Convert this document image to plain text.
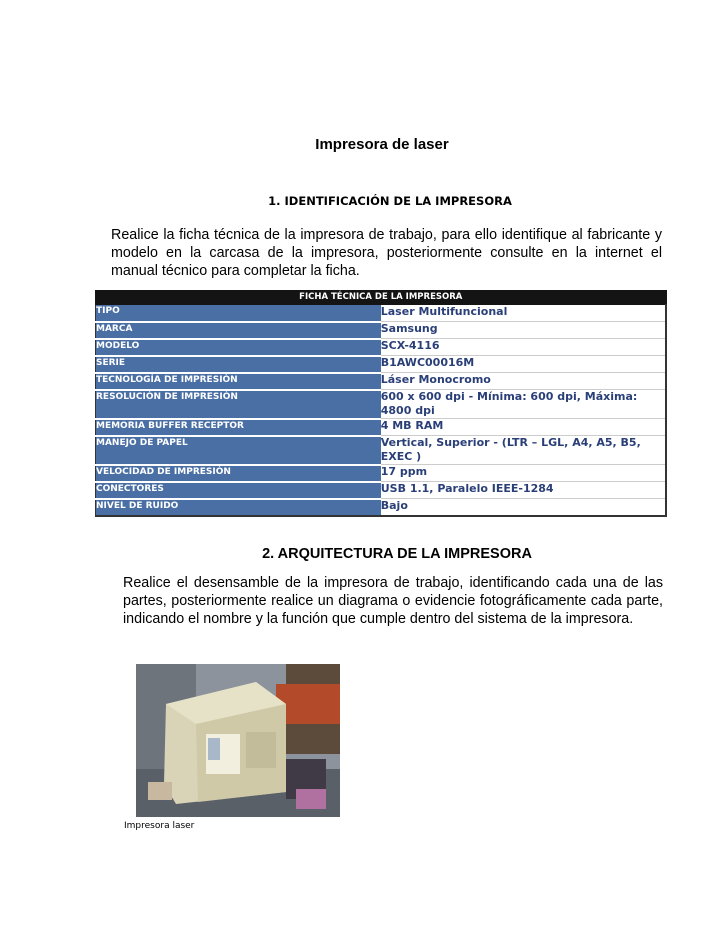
Impresora de laser
1. IDENTIFICACIÓN DE LA IMPRESORA
Realice la ficha técnica de la impresora de trabajo, para ello identifique al fabricante y modelo en la carcasa de la impresora, posteriormente consulte en la internet el manual técnico para completar la ficha.
FICHA TÉCNICA DE LA IMPRESORA	
TIPO	Laser Multifuncional
MARCA	Samsung
MODELO	SCX-4116
SERIE	B1AWC00016M
TECNOLOGÍA DE IMPRESIÓN	Láser Monocromo
RESOLUCIÓN DE IMPRESIÓN	600 x 600 dpi - Mínima: 600 dpi, Máxima: 4800 dpi
MEMORIA BUFFER RECEPTOR	4 MB RAM
MANEJO DE PAPEL	Vertical, Superior - (LTR – LGL, A4, A5, B5, EXEC )
VELOCIDAD DE IMPRESIÓN	17 ppm
CONECTORES	USB 1.1, Paralelo IEEE-1284
NIVEL DE RUIDO	Bajo
2. ARQUITECTURA DE LA IMPRESORA
Realice el desensamble de la impresora de trabajo, identificando cada una de las partes, posteriormente realice un diagrama o evidencie fotográficamente cada parte, indicando el nombre y la función que cumple dentro del sistema de la impresora.
Impresora laser
